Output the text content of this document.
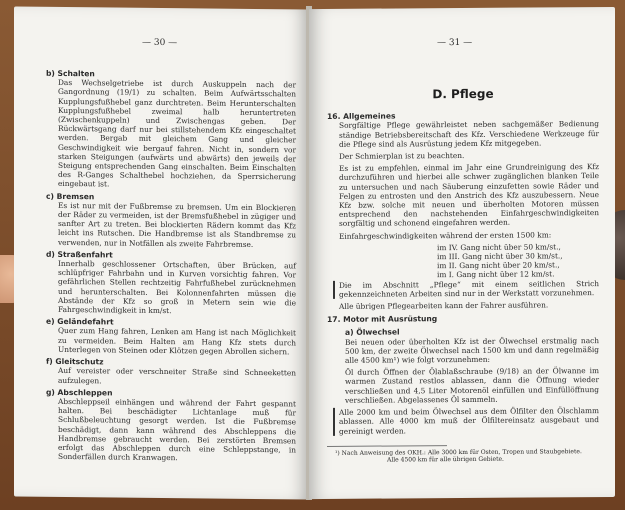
— 30 —
b) Schalten
Das Wechselgetriebe ist durch Auskuppeln nach der Gangordnung (19/1) zu schalten. Beim Aufwärtsschalten Kupplungsfußhebel ganz durchtreten. Beim Herunterschalten Kupplungsfußhebel zweimal halb heruntertreten (Zwischenkuppeln) und Zwischengas geben. Der Rückwärtsgang darf nur bei stillstehendem Kfz eingeschaltet werden. Bergab mit gleichem Gang und gleicher Geschwindigkeit wie bergauf fahren. Nicht in, sondern vor starken Steigungen (aufwärts und abwärts) den jeweils der Steigung entsprechenden Gang einschalten. Beim Einschalten des R-Ganges Schalthebel hochziehen, da Sperrsicherung eingebaut ist.
c) Bremsen
Es ist nur mit der Fußbremse zu bremsen. Um ein Blockieren der Räder zu vermeiden, ist der Bremsfußhebel in zügiger und sanfter Art zu treten. Bei blockierten Rädern kommt das Kfz leicht ins Rutschen. Die Handbremse ist als Standbremse zu verwenden, nur in Notfällen als zweite Fahrbremse.
d) Straßenfahrt
Innerhalb geschlossener Ortschaften, über Brücken, auf schlüpfriger Fahrbahn und in Kurven vorsichtig fahren. Vor gefährlichen Stellen rechtzeitig Fahrfußhebel zurücknehmen und herunterschalten. Bei Kolonnenfahrten müssen die Abstände der Kfz so groß in Metern sein wie die Fahrgeschwindigkeit in km/st.
e) Geländefahrt
Quer zum Hang fahren, Lenken am Hang ist nach Möglichkeit zu vermeiden. Beim Halten am Hang Kfz stets durch Unterlegen von Steinen oder Klötzen gegen Abrollen sichern.
f) Gleitschutz
Auf vereister oder verschneiter Straße sind Schneeketten aufzulegen.
g) Abschleppen
Abschleppseil einhängen und während der Fahrt gespannt halten. Bei beschädigter Lichtanlage muß für Schlußbeleuchtung gesorgt werden. Ist die Fußbremse beschädigt, dann kann während des Abschleppens die Handbremse gebraucht werden. Bei zerstörten Bremsen erfolgt das Abschleppen durch eine Schleppstange, in Sonderfällen durch Kranwagen.
— 31 —
D. Pflege
16. Allgemeines
Sorgfältige Pflege gewährleistet neben sachgemäßer Bedienung ständige Betriebsbereitschaft des Kfz. Verschiedene Werkzeuge für die Pflege sind als Ausrüstung jedem Kfz mitgegeben.
Der Schmierplan ist zu beachten.
Es ist zu empfehlen, einmal im Jahr eine Grundreinigung des Kfz durchzuführen und hierbei alle schwer zugänglichen blanken Teile zu untersuchen und nach Säuberung einzufetten sowie Räder und Felgen zu entrosten und den Anstrich des Kfz auszubessern. Neue Kfz bzw. solche mit neuen und überholten Motoren müssen entsprechend den nachstehenden Einfahrgeschwindigkeiten sorgfältig und schonend eingefahren werden.
Einfahrgeschwindigkeiten während der ersten 1500 km:
im IV. Gang nicht über 50 km/st.,
im III. Gang nicht über 30 km/st.,
im II. Gang nicht über 20 km/st.,
im I. Gang nicht über 12 km/st.
Die im Abschnitt „Pflege“ mit einem seitlichen Strich gekennzeichneten Arbeiten sind nur in der Werkstatt vorzunehmen.
Alle übrigen Pflegearbeiten kann der Fahrer ausführen.
17. Motor mit Ausrüstung
a) Ölwechsel
Bei neuen oder überholten Kfz ist der Ölwechsel erstmalig nach 500 km, der zweite Ölwechsel nach 1500 km und dann regelmäßig alle 4500 km¹) wie folgt vorzunehmen:
Öl durch Öffnen der Ölablaßschraube (9/18) an der Ölwanne im warmen Zustand restlos ablassen, dann die Öffnung wieder verschließen und 4,5 Liter Motorenöl einfüllen und Einfüllöffnung verschließen. Abgelassenes Öl sammeln.
Alle 2000 km und beim Ölwechsel aus dem Ölfilter den Ölschlamm ablassen. Alle 4000 km muß der Ölfiltereinsatz ausgebaut und gereinigt werden.
¹) Nach Anweisung des OKH.: Alle 3000 km für Osten, Tropen und Staubgebiete.
Alle 4500 km für alle übrigen Gebiete.
